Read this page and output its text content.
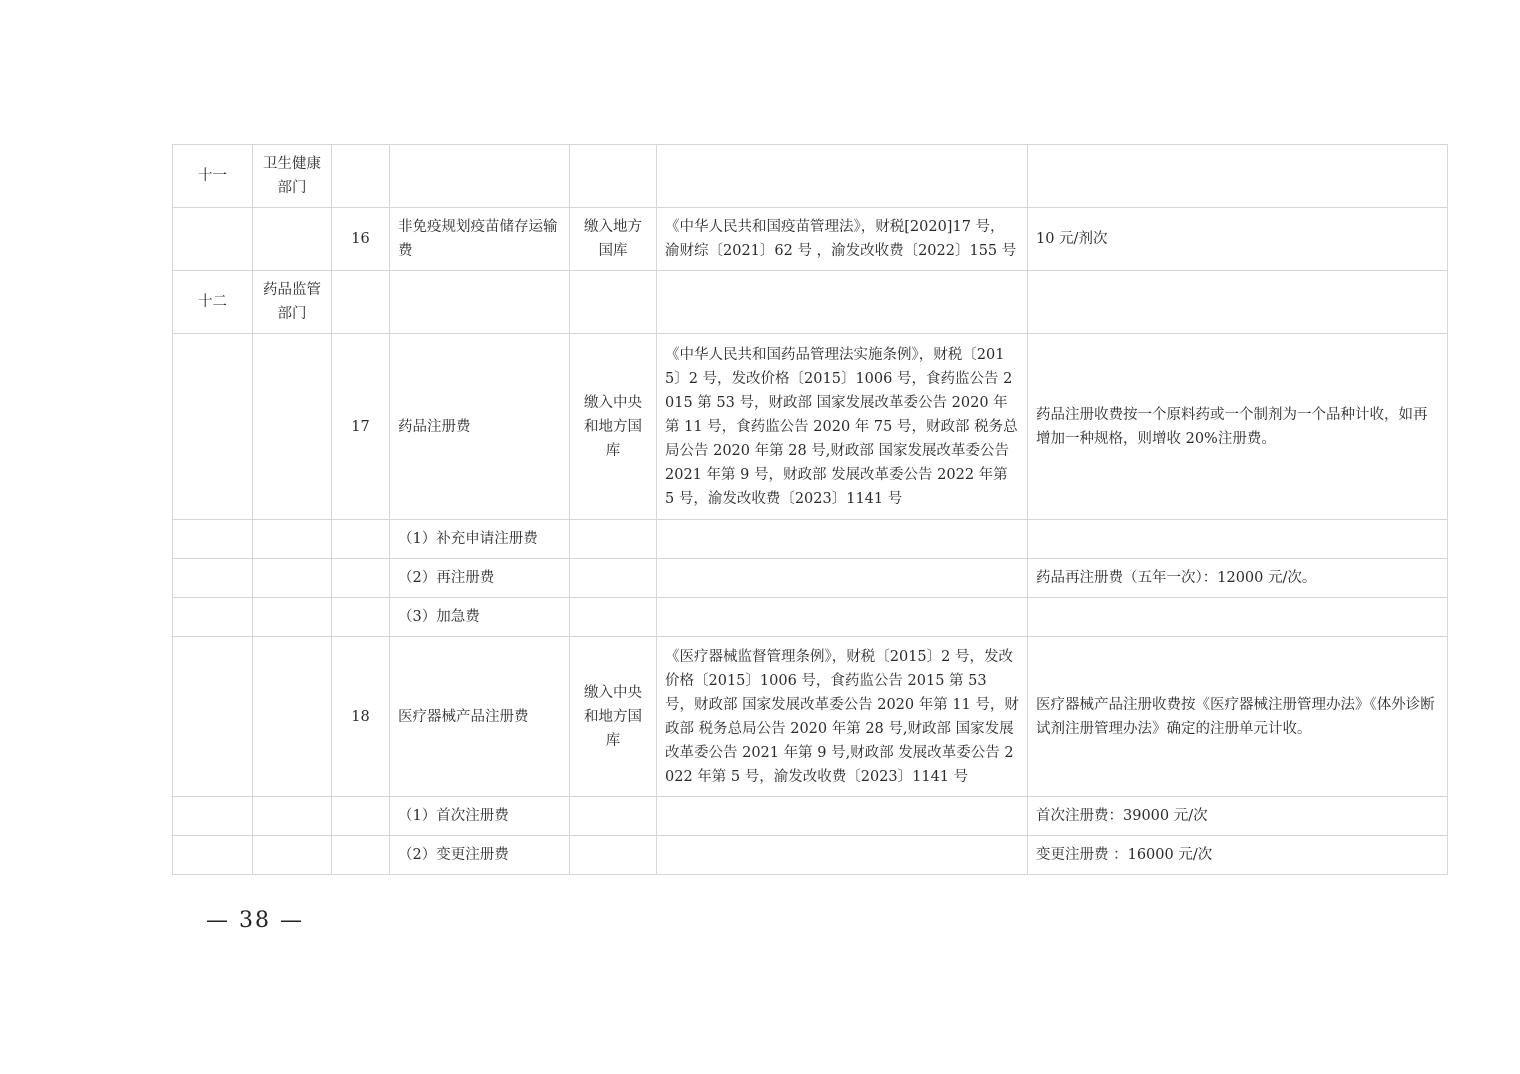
十一	卫生健康部门					
		16	非免疫规划疫苗储存运输费	缴入地方国库	《中华人民共和国疫苗管理法》，财税[2020]17 号，渝财综〔2021〕62 号 ，渝发改收费〔2022〕155 号	10 元/剂次
十二	药品监管部门					
		17	药品注册费	缴入中央和地方国库	《中华人民共和国药品管理法实施条例》，财税〔2015〕2 号，发改价格〔2015〕1006 号，食药监公告 2015 第 53 号，财政部 国家发展改革委公告 2020 年第 11 号，食药监公告 2020 年 75 号，财政部 税务总局公告 2020 年第 28 号,财政部 国家发展改革委公告 2021 年第 9 号，财政部 发展改革委公告 2022 年第 5 号，渝发改收费〔2023〕1141 号	药品注册收费按一个原料药或一个制剂为一个品种计收，如再增加一种规格，则增收 20%注册费。
			（1）补充申请注册费			
			（2）再注册费			药品再注册费（五年一次）：12000 元/次。
			（3）加急费			
		18	医疗器械产品注册费	缴入中央和地方国库	《医疗器械监督管理条例》，财税〔2015〕2 号，发改价格〔2015〕1006 号，食药监公告 2015 第 53 号，财政部 国家发展改革委公告 2020 年第 11 号，财政部 税务总局公告 2020 年第 28 号,财政部 国家发展改革委公告 2021 年第 9 号,财政部 发展改革委公告 2022 年第 5 号，渝发改收费〔2023〕1141 号	医疗器械产品注册收费按《医疗器械注册管理办法》《体外诊断试剂注册管理办法》确定的注册单元计收。
			（1）首次注册费			首次注册费：39000 元/次
			（2）变更注册费			变更注册费 ：16000 元/次
— 38 —
